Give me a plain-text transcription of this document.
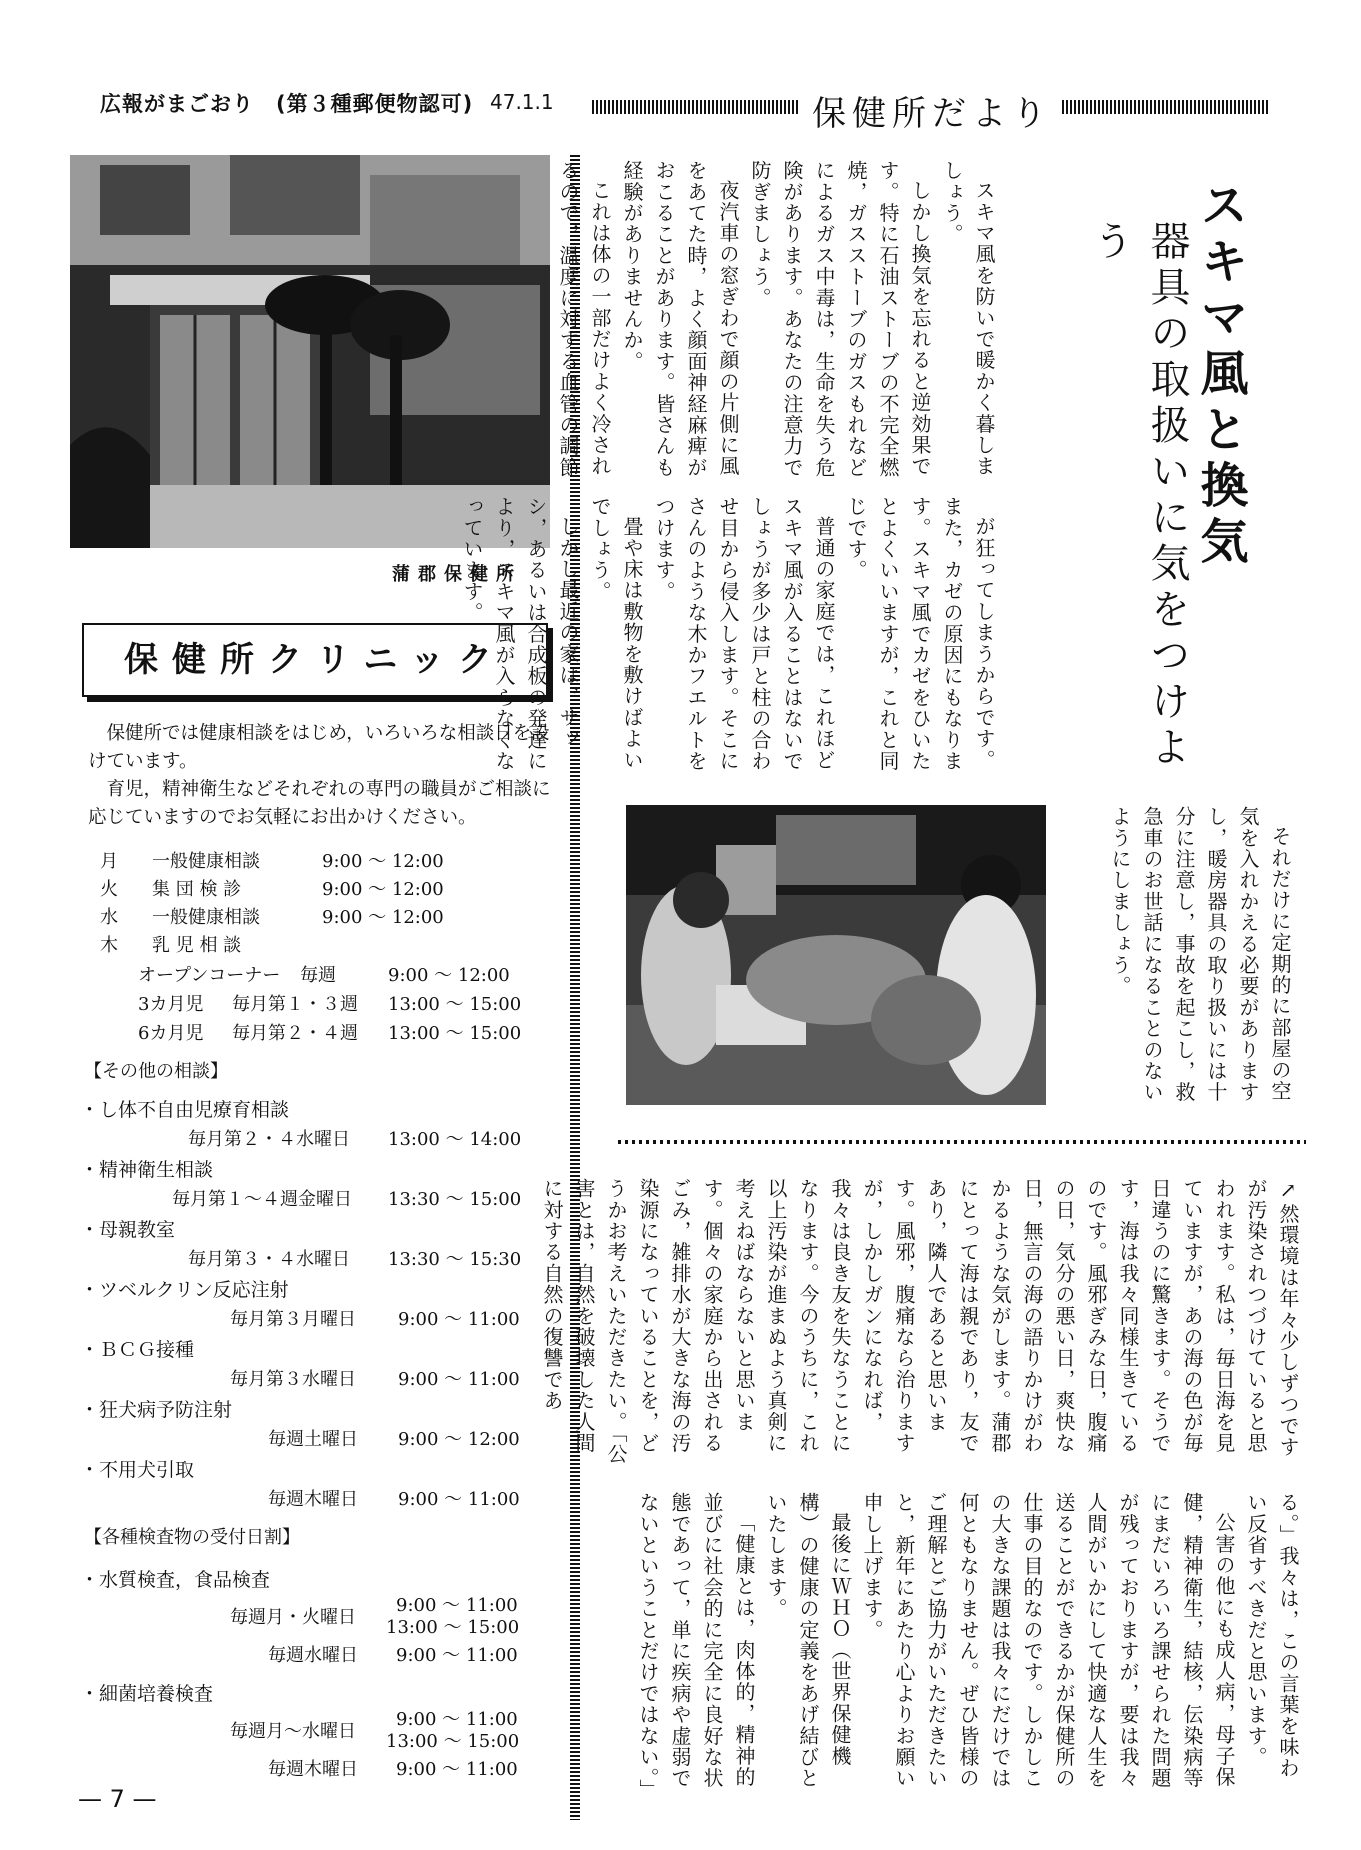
広報がまごおり　(第３種郵便物認可) 47.1.1	保健所だより
蒲郡保健所
保健所クリニック

保健所では健康相談をはじめ，いろいろな相談日を設けています。

育児，精神衛生などそれぞれの専門の職員がご相談に応じていますのでお気軽にお出かけください。

月 一般健康相談	9:00 〜 12:00
火 集 団 検 診	9:00 〜 12:00
水 一般健康相談	9:00 〜 12:00
木 乳 児 相 談
オープンコーナー 毎週	9:00 〜 12:00
3カ月児 毎月第１・３週 13:00 〜 15:00
6カ月児 毎月第２・４週 13:00 〜 15:00
【その他の相談】
・し体不自由児療育相談
毎月第２・４水曜日 13:00 〜 14:00
・精神衛生相談
毎月第１〜４週金曜日 13:30 〜 15:00
・母親教室
毎月第３・４水曜日 13:30 〜 15:30
・ツベルクリン反応注射
毎月第３月曜日 9:00 〜 11:00
・ＢＣＧ接種
毎月第３水曜日 9:00 〜 11:00
・狂犬病予防注射
毎週土曜日 9:00 〜 12:00
・不用犬引取
毎週木曜日 9:00 〜 11:00
【各種検査物の受付日割】
・水質検査，食品検査
毎週月・火曜日
9:00 〜 11:00
13:00 〜 15:00
毎週水曜日 9:00 〜 11:00
・細菌培養検査
毎週月〜水曜日
9:00 〜 11:00
13:00 〜 15:00
毎週木曜日 9:00 〜 11:00
スキマ風と換気
器具の取扱いに気をつけよう

スキマ風を防いで暖かく暮しましょう。

しかし換気を忘れると逆効果です。特に石油ストーブの不完全燃焼，ガスストーブのガスもれなどによるガス中毒は，生命を失う危険があります。あなたの注意力で防ぎましょう。

夜汽車の窓ぎわで顔の片側に風をあてた時，よく顔面神経麻痺がおこることがあります。皆さんも経験がありませんか。

これは体の一部だけよく冷されるので，温度に対する血管の調節

が狂ってしまうからです。また，カゼの原因にもなります。スキマ風でカゼをひいたとよくいいますが，これと同じです。

普通の家庭では，これほどスキマ風が入ることはないでしょうが多少は戸と柱の合わせ目から侵入します。そこにさんのような木かフエルトをつけます。

畳や床は敷物を敷けばよいでしょう。

しかし最近の家は，サッシ，あるいは合成板の発達により，スキマ風が入らなくなっています。

それだけに定期的に部屋の空気を入れかえる必要がありますし，暖房器具の取り扱いには十分に注意し，事故を起こし，救急車のお世話になることのないようにしましょう。

↗然環境は年々少しずつですが汚染されつづけていると思われます。私は，毎日海を見ていますが，あの海の色が毎日違うのに驚きます。そうです，海は我々同様生きているのです。風邪ぎみな日，腹痛の日，気分の悪い日，爽快な日，無言の海の語りかけがわかるような気がします。蒲郡にとって海は親であり，友であり，隣人であると思います。風邪，腹痛なら治りますが，しかしガンになれば，我々は良き友を失なうことになります。今のうちに，これ以上汚染が進まぬよう真剣に考えねばならないと思います。個々の家庭から出されるごみ，雑排水が大きな海の汚染源になっていることを，どうかお考えいただきたい。「公害とは，自然を破壊した人間に対する自然の復讐であ

る。」我々は，この言葉を味わい反省すべきだと思います。

公害の他にも成人病，母子保健，精神衛生，結核，伝染病等にまだいろいろ課せられた問題が残っておりますが，要は我々人間がいかにして快適な人生を送ることができるかが保健所の仕事の目的なのです。しかしこの大きな課題は我々にだけでは何ともなりません。ぜひ皆様のご理解とご協力がいただきたいと，新年にあたり心よりお願い申し上げます。

最後にＷＨＯ（世界保健機構）の健康の定義をあげ結びといたします。

「健康とは，肉体的，精神的並びに社会的に完全に良好な状態であって，単に疾病や虚弱でないということだけではない。」

— 7 —
